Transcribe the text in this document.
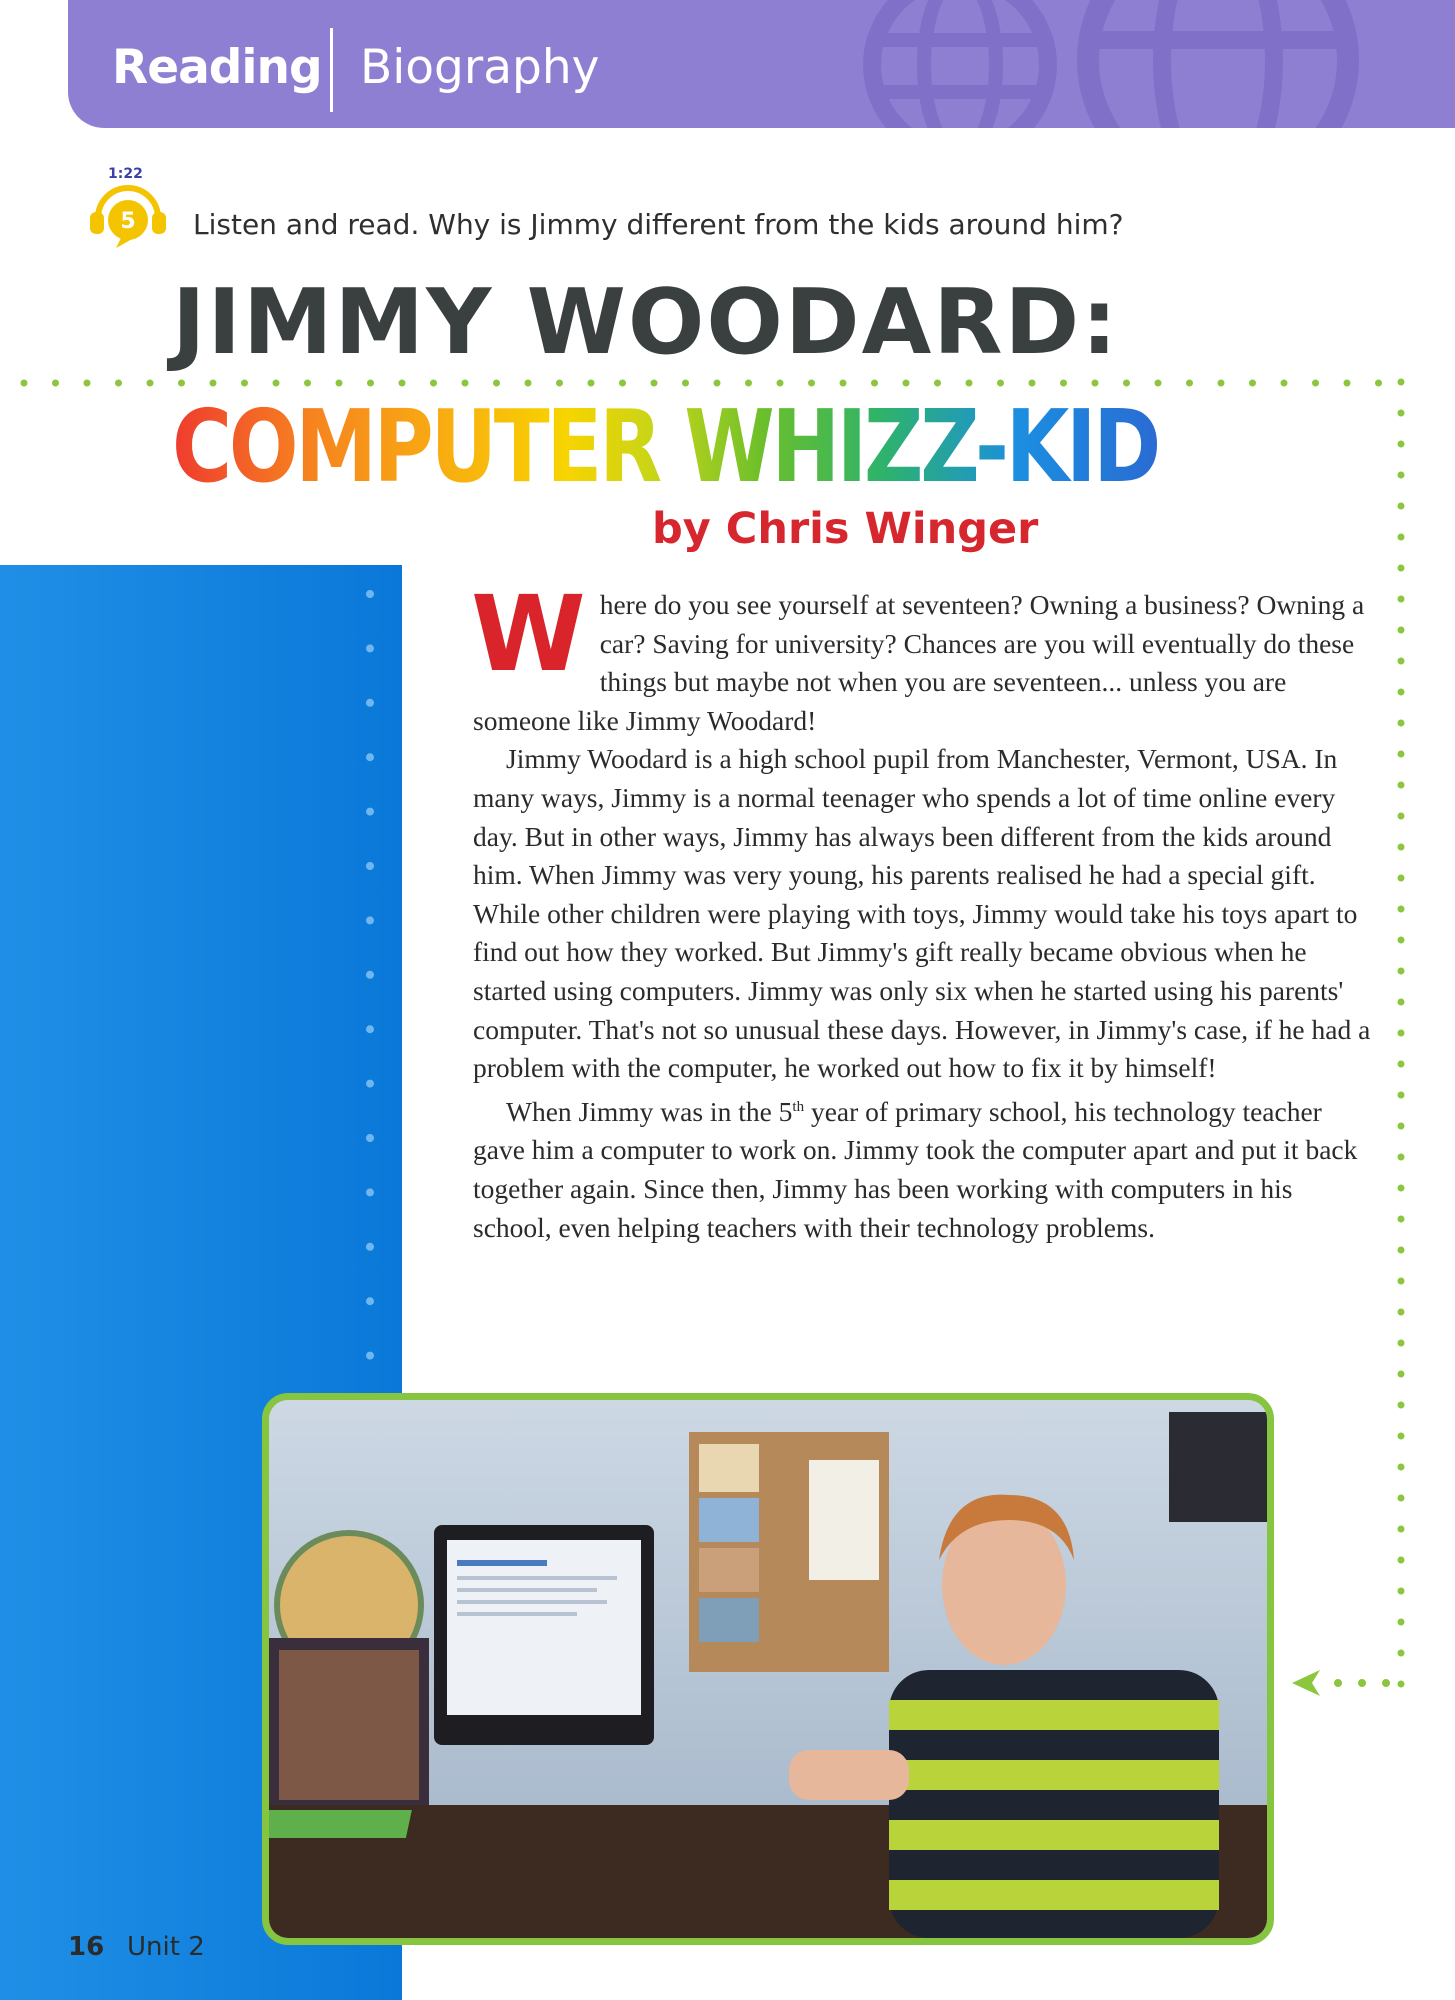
Reading Biography
1:22
5 Listen and read. Why is Jimmy different from the kids around him?
JIMMY WOODARD:
COMPUTER WHIZZ-KID
by Chris Winger

Where do you see yourself at seventeen? Owning a business? Owning a car? Saving for university? Chances are you will eventually do these things but maybe not when you are seventeen... unless you are someone like Jimmy Woodard!

Jimmy Woodard is a high school pupil from Manchester, Vermont, USA. In many ways, Jimmy is a normal teenager who spends a lot of time online every day. But in other ways, Jimmy has always been different from the kids around him. When Jimmy was very young, his parents realised he had a special gift. While other children were playing with toys, Jimmy would take his toys apart to find out how they worked. But Jimmy's gift really became obvious when he started using computers. Jimmy was only six when he started using his parents' computer. That's not so unusual these days. However, in Jimmy's case, if he had a problem with the computer, he worked out how to fix it by himself!

When Jimmy was in the 5th year of primary school, his technology teacher gave him a computer to work on. Jimmy took the computer apart and put it back together again. Since then, Jimmy has been working with computers in his school, even helping teachers with their technology problems.

16 Unit 2
